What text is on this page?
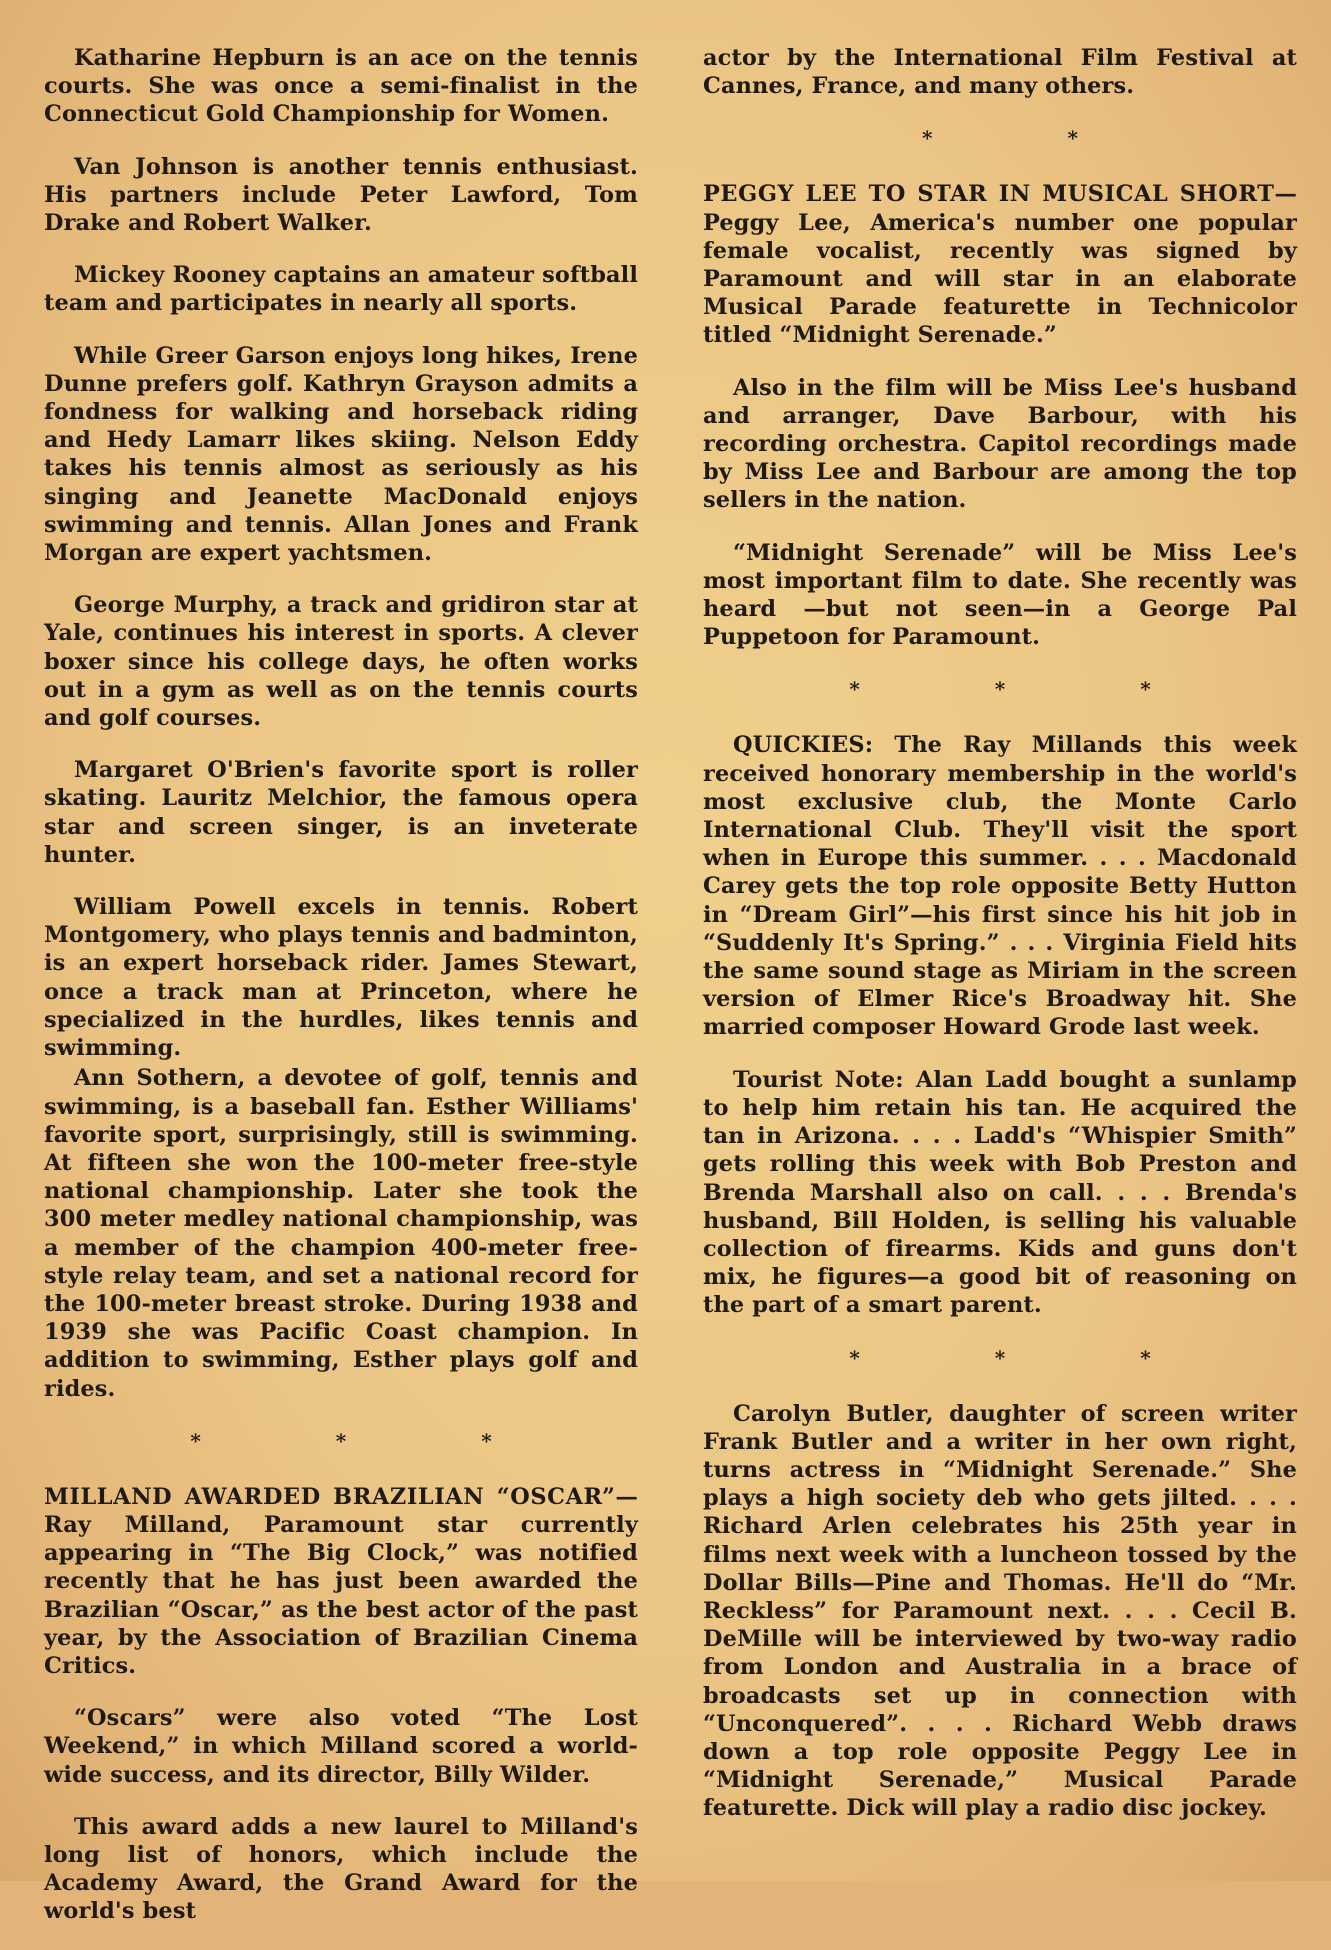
Katharine Hepburn is an ace on the tennis courts. She was once a semi-finalist in the Connecticut Gold Championship for Women.

Van Johnson is another tennis enthusiast. His partners include Peter Lawford, Tom Drake and Robert Walker.

Mickey Rooney captains an amateur softball team and participates in nearly all sports.

While Greer Garson enjoys long hikes, Irene Dunne prefers golf. Kathryn Grayson admits a fondness for walking and horseback riding and Hedy Lamarr likes skiing. Nelson Eddy takes his tennis almost as seriously as his singing and Jeanette MacDonald enjoys swimming and tennis. Allan Jones and Frank Morgan are expert yachtsmen.

George Murphy, a track and gridiron star at Yale, continues his interest in sports. A clever boxer since his college days, he often works out in a gym as well as on the tennis courts and golf courses.

Margaret O'Brien's favorite sport is roller skating. Lauritz Melchior, the famous opera star and screen singer, is an inveterate hunter.

William Powell excels in tennis. Robert Montgomery, who plays tennis and badminton, is an expert horseback rider. James Stewart, once a track man at Princeton, where he specialized in the hurdles, likes tennis and swimming.

Ann Sothern, a devotee of golf, tennis and swimming, is a baseball fan. Esther Williams' favorite sport, surprisingly, still is swimming. At fifteen she won the 100-meter free-style national championship. Later she took the 300 meter medley national championship, was a member of the champion 400-meter free-style relay team, and set a national record for the 100-meter breast stroke. During 1938 and 1939 she was Pacific Coast champion. In addition to swimming, Esther plays golf and rides.

* * *

MILLAND AWARDED BRAZILIAN “OSCAR”—Ray Milland, Paramount star currently appearing in “The Big Clock,” was notified recently that he has just been awarded the Brazilian “Oscar,” as the best actor of the past year, by the Association of Brazilian Cinema Critics.

“Oscars” were also voted “The Lost Weekend,” in which Milland scored a world-wide success, and its director, Billy Wilder.

This award adds a new laurel to Milland's long list of honors, which include the Academy Award, the Grand Award for the world's best

actor by the International Film Festival at Cannes, France, and many others.

* *

PEGGY LEE TO STAR IN MUSICAL SHORT—Peggy Lee, America's number one popular female vocalist, recently was signed by Paramount and will star in an elaborate Musical Parade featurette in Technicolor titled “Midnight Serenade.”

Also in the film will be Miss Lee's husband and arranger, Dave Barbour, with his recording orchestra. Capitol recordings made by Miss Lee and Barbour are among the top sellers in the nation.

“Midnight Serenade” will be Miss Lee's most important film to date. She recently was heard —but not seen—in a George Pal Puppetoon for Paramount.

* * *

QUICKIES: The Ray Millands this week received honorary membership in the world's most exclusive club, the Monte Carlo International Club. They'll visit the sport when in Europe this summer. . . . Macdonald Carey gets the top role opposite Betty Hutton in “Dream Girl”—his first since his hit job in “Suddenly It's Spring.” . . . Virginia Field hits the same sound stage as Miriam in the screen version of Elmer Rice's Broadway hit. She married composer Howard Grode last week.

Tourist Note: Alan Ladd bought a sunlamp to help him retain his tan. He acquired the tan in Arizona. . . . Ladd's “Whispier Smith” gets rolling this week with Bob Preston and Brenda Marshall also on call. . . . Brenda's husband, Bill Holden, is selling his valuable collection of firearms. Kids and guns don't mix, he figures—a good bit of reasoning on the part of a smart parent.

* * *

Carolyn Butler, daughter of screen writer Frank Butler and a writer in her own right, turns actress in “Midnight Serenade.” She plays a high society deb who gets jilted. . . . Richard Arlen celebrates his 25th year in films next week with a luncheon tossed by the Dollar Bills—Pine and Thomas. He'll do “Mr. Reckless” for Paramount next. . . . Cecil B. DeMille will be interviewed by two-way radio from London and Australia in a brace of broadcasts set up in connection with “Unconquered”. . . . Richard Webb draws down a top role opposite Peggy Lee in “Midnight Serenade,” Musical Parade featurette. Dick will play a radio disc jockey.
